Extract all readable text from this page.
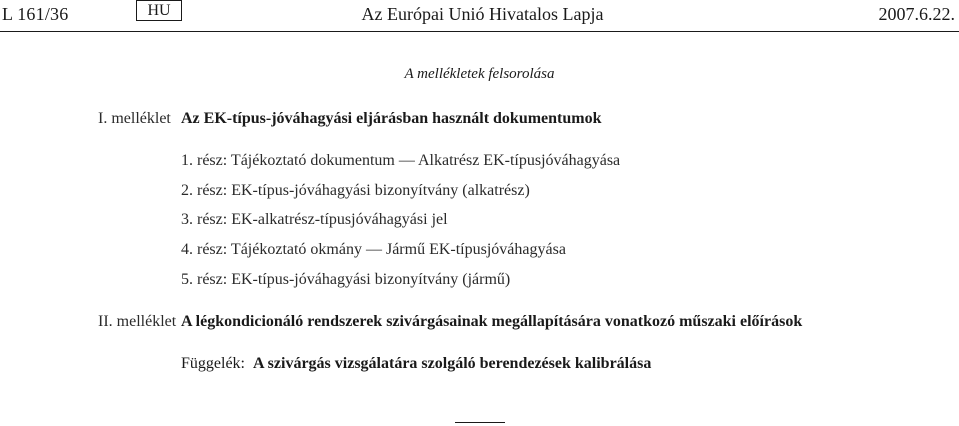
L 161/36	HU	Az Európai Unió Hivatalos Lapja	2007.6.22.
A mellékletek felsorolása
I. melléklet Az EK-típus-jóváhagyási eljárásban használt dokumentumok
1. rész: Tájékoztató dokumentum — Alkatrész EK-típusjóváhagyása
2. rész: EK-típus-jóváhagyási bizonyítvány (alkatrész)
3. rész: EK-alkatrész-típusjóváhagyási jel
4. rész: Tájékoztató okmány — Jármű EK-típusjóváhagyása
5. rész: EK-típus-jóváhagyási bizonyítvány (jármű)
II. melléklet A légkondicionáló rendszerek szivárgásainak megállapítására vonatkozó műszaki előírások
Függelék: A szivárgás vizsgálatára szolgáló berendezések kalibrálása
